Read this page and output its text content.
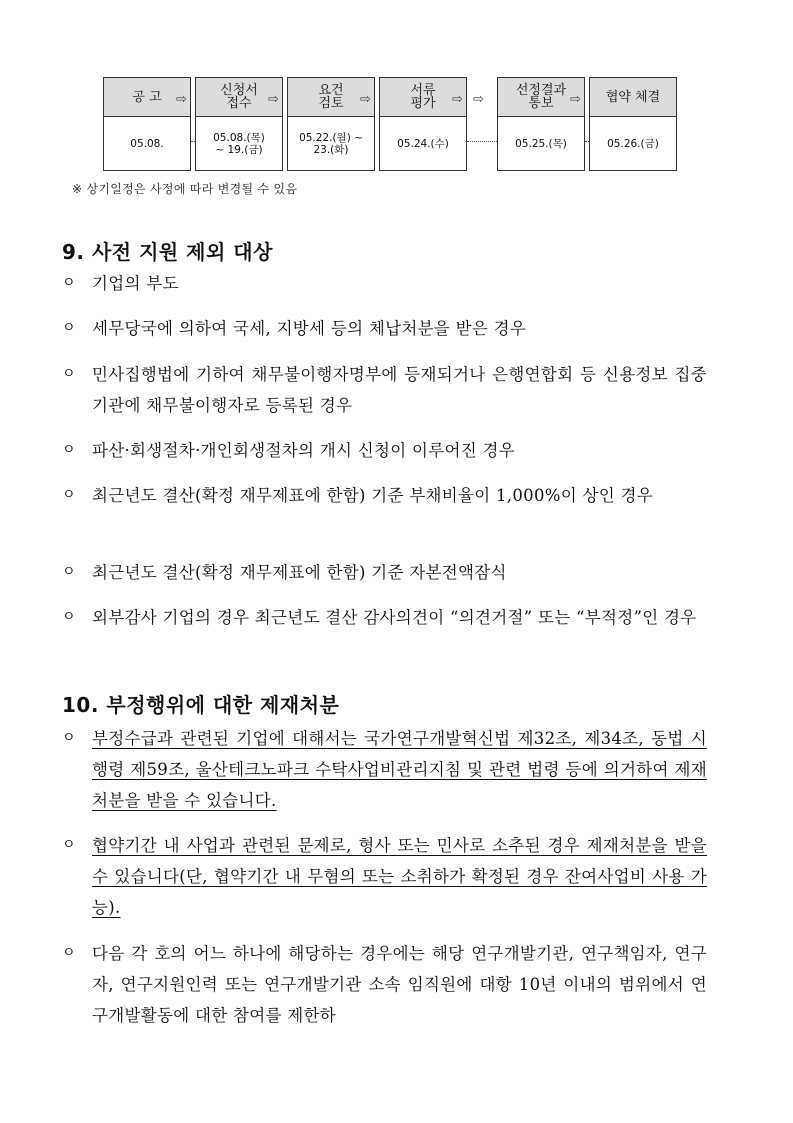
공 고
05.08.
⇨
신청서
접수
05.08.(목)
~ 19.(금)
⇨
요건
검토
05.22.(월) ~
23.(화)
⇨
서류
평가
05.24.(수)
⇨ ⇨
선정결과
통보
05.25.(목)
⇨ 협약 체결
05.26.(금)
※ 상기일정은 사정에 따라 변경될 수 있음
9. 사전 지원 제외 대상
ㅇ 기업의 부도
ㅇ 세무당국에 의하여 국세, 지방세 등의 체납처분을 받은 경우
ㅇ 민사집행법에 기하여 채무불이행자명부에 등재되거나 은행연합회 등 신용정보 집중기관에 채무불이행자로 등록된 경우
ㅇ 파산·회생절차·개인회생절차의 개시 신청이 이루어진 경우
ㅇ 최근년도 결산(확정 재무제표에 한함) 기준 부채비율이 1,000%이 상인 경우
ㅇ 최근년도 결산(확정 재무제표에 한함) 기준 자본전액잠식
ㅇ 외부감사 기업의 경우 최근년도 결산 감사의견이 “의견거절” 또는 “부적정”인 경우
10. 부정행위에 대한 제재처분
ㅇ 부정수급과 관련된 기업에 대해서는 국가연구개발혁신법 제32조, 제34조, 동법 시행령 제59조, 울산테크노파크 수탁사업비관리지침 및 관련 법령 등에 의거하여 제재처분을 받을 수 있습니다.
ㅇ 협약기간 내 사업과 관련된 문제로, 형사 또는 민사로 소추된 경우 제재처분을 받을 수 있습니다(단, 협약기간 내 무혐의 또는 소취하가 확정된 경우 잔여사업비 사용 가능).
ㅇ 다음 각 호의 어느 하나에 해당하는 경우에는 해당 연구개발기관, 연구책임자, 연구자, 연구지원인력 또는 연구개발기관 소속 임직원에 대항 10년 이내의 범위에서 연구개발활동에 대한 참여를 제한하
